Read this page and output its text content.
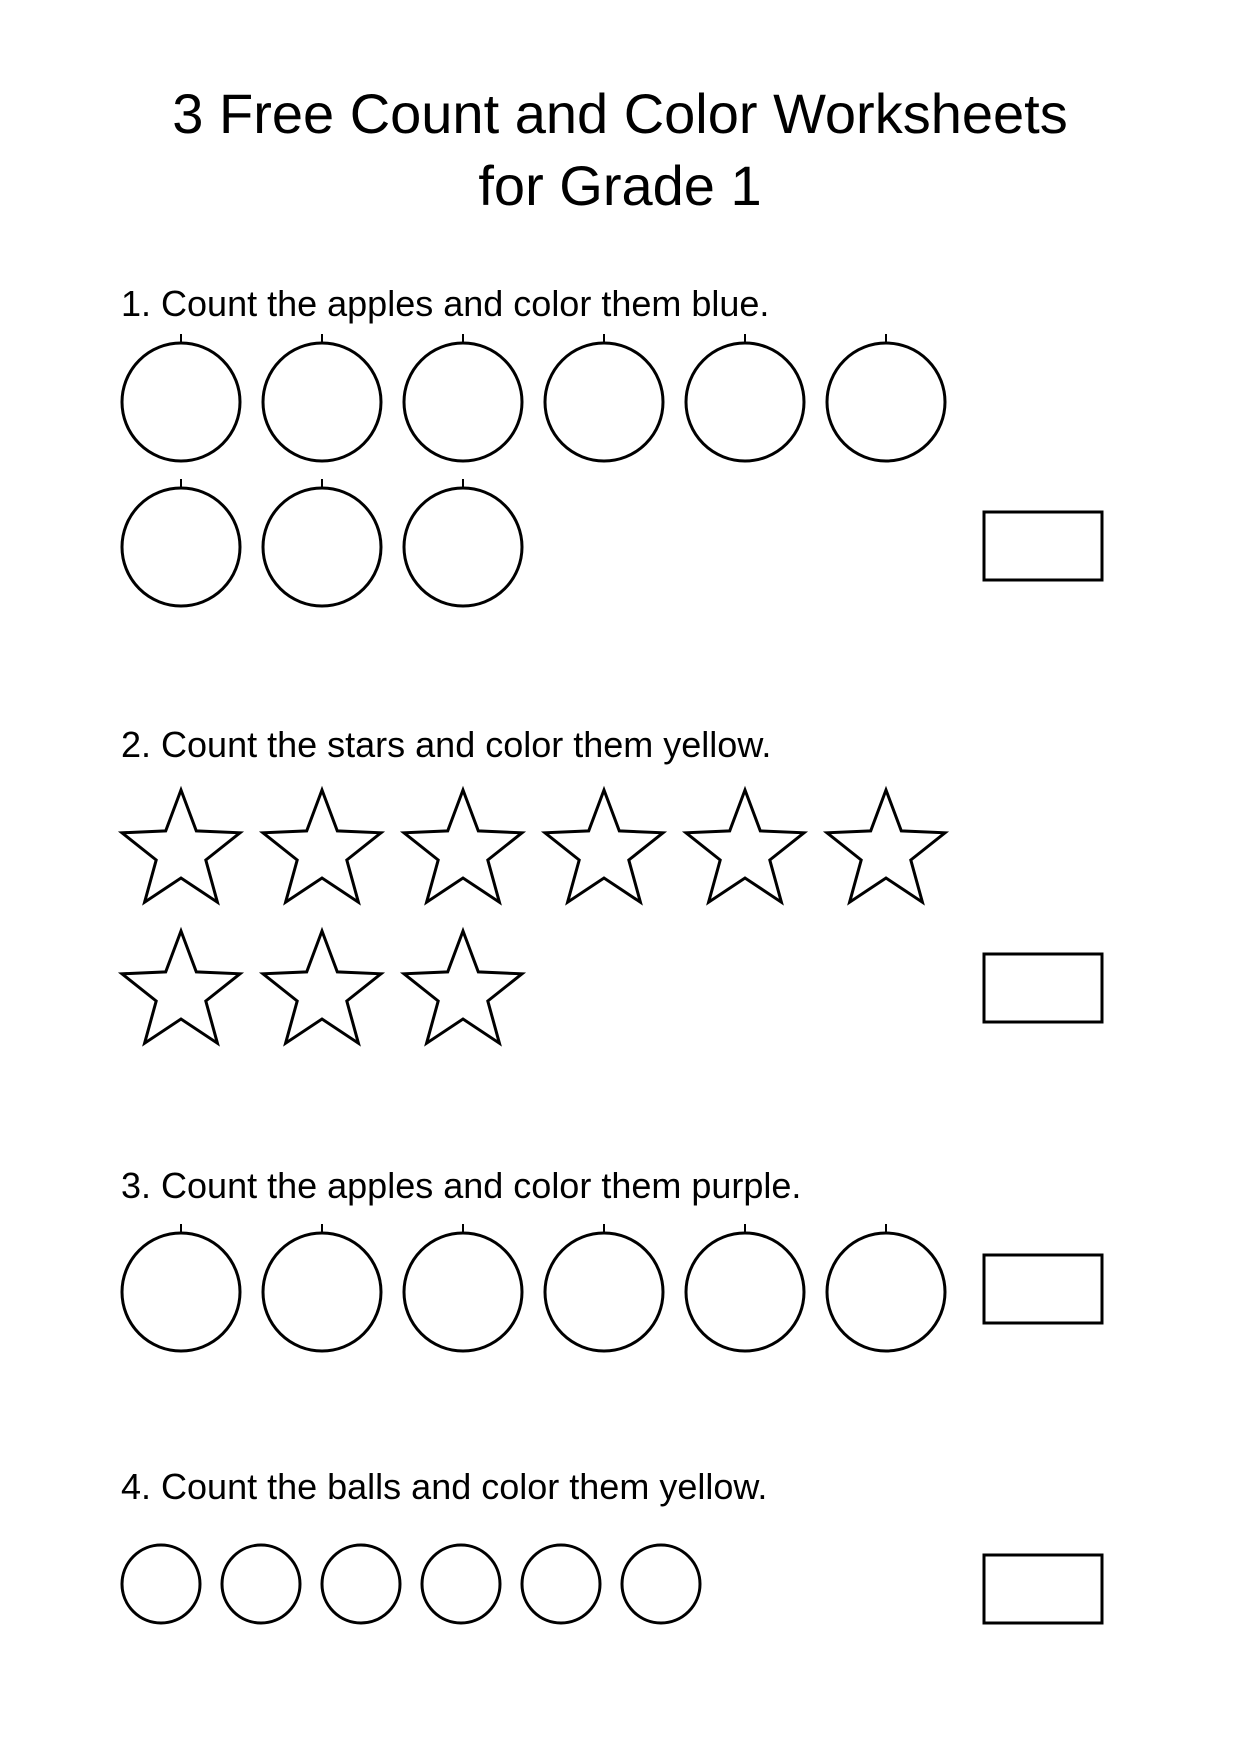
3 Free Count and Color Worksheets
for Grade 1
1. Count the apples and color them blue.
2. Count the stars and color them yellow.
3. Count the apples and color them purple.
4. Count the balls and color them yellow.
